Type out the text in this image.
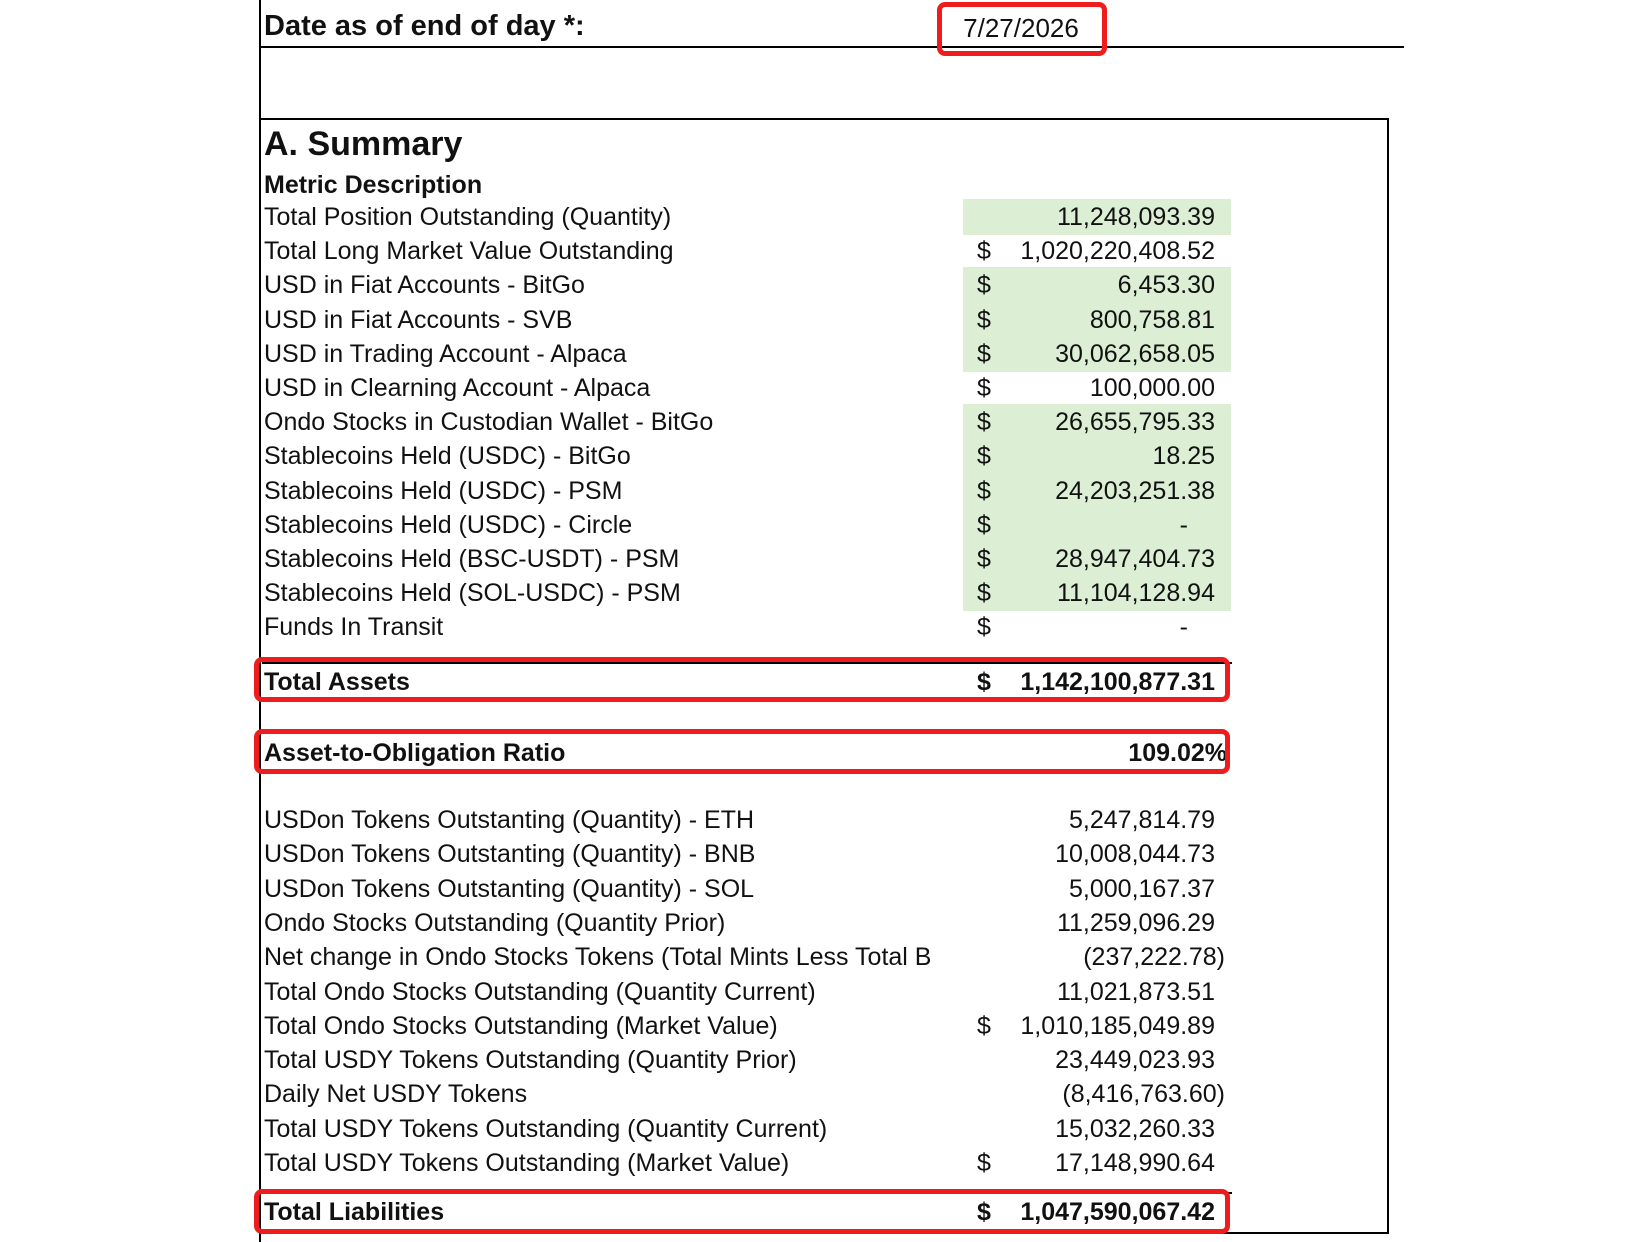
Date as of end of day *:	7/27/2026
A. Summary
Metric Description
Total Position Outstanding (Quantity)	11,248,093.39
Total Long Market Value Outstanding	$ 1,020,220,408.52
USD in Fiat Accounts - BitGo	$	6,453.30
USD in Fiat Accounts - SVB	$	800,758.81
USD in Trading Account - Alpaca	$	30,062,658.05
USD in Clearning Account - Alpaca	$	100,000.00
Ondo Stocks in Custodian Wallet - BitGo	$	26,655,795.33
Stablecoins Held (USDC) - BitGo	$	18.25
Stablecoins Held (USDC) - PSM	$	24,203,251.38
Stablecoins Held (USDC) - Circle	$	-
Stablecoins Held (BSC-USDT) - PSM	$	28,947,404.73
Stablecoins Held (SOL-USDC) - PSM	$	11,104,128.94
Funds In Transit	$	-
Total Assets	$ 1,142,100,877.31
Asset-to-Obligation Ratio	109.02%
USDon Tokens Outstanting (Quantity) - ETH	5,247,814.79
USDon Tokens Outstanting (Quantity) - BNB	10,008,044.73
USDon Tokens Outstanting (Quantity) - SOL	5,000,167.37
Ondo Stocks Outstanding (Quantity Prior)	11,259,096.29
Net change in Ondo Stocks Tokens (Total Mints Less Total B	(237,222.78)
Total Ondo Stocks Outstanding (Quantity Current)	11,021,873.51
Total Ondo Stocks Outstanding (Market Value)	$ 1,010,185,049.89
Total USDY Tokens Outstanding (Quantity Prior)	23,449,023.93
Daily Net USDY Tokens	(8,416,763.60)
Total USDY Tokens Outstanding (Quantity Current)	15,032,260.33
Total USDY Tokens Outstanding (Market Value)	$	17,148,990.64
Total Liabilities	$ 1,047,590,067.42
